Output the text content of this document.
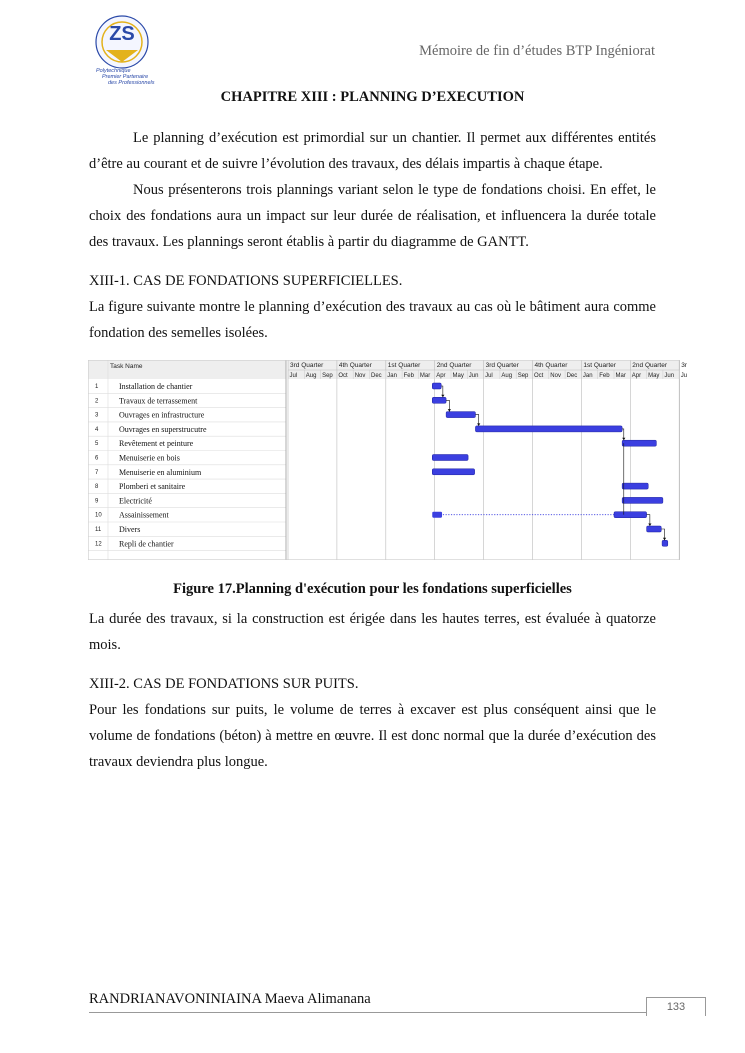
ZS
Polytechnique
Premier Partenaire
des Professionnels
Mémoire de fin d’études BTP Ingéniorat
CHAPITRE XIII : PLANNING D’EXECUTION

Le planning d’exécution est primordial sur un chantier. Il permet aux différentes entités d’être au courant et de suivre l’évolution des travaux, des délais impartis à chaque étape.

Nous présenterons trois plannings variant selon le type de fondations choisi. En effet, le choix des fondations aura un impact sur leur durée de réalisation, et influencera la durée totale des travaux. Les plannings seront établis à partir du diagramme de GANTT.

XIII-1. CAS DE FONDATIONS SUPERFICIELLES.

La figure suivante montre le planning d’exécution des travaux au cas où le bâtiment aura comme fondation des semelles isolées.

Task Name	3rd Quarter 4th Quarter 1st Quarter	2nd Quarter 3rd Quarter 4th Quarter 1st Quarter	2nd Quarter 3r
Jul Aug Sep Oct Nov Dec Jan Feb Mar Apr May Jun Jul Aug Sep Oct Nov Dec Jan Feb Mar Apr May Jun Ju
1	Installation de chantier
2	Travaux de terrassement
3	Ouvrages en infrastructure
4	Ouvrages en superstrucutre
5	Revêtement et peinture
6	Menuiserie en bois
7	Menuiserie en aluminium
8	Plomberi et sanitaire
9	Electricité
10 Assainissement
11 Divers
12 Repli de chantier
Figure 17.Planning d'exécution pour les fondations superficielles

La durée des travaux, si la construction est érigée dans les hautes terres, est évaluée à quatorze mois.

XIII-2. CAS DE FONDATIONS SUR PUITS.

Pour les fondations sur puits, le volume de terres à excaver est plus conséquent ainsi que le volume de fondations (béton) à mettre en œuvre. Il est donc normal que la durée d’exécution des travaux deviendra plus longue.

RANDRIANAVONINIAINA Maeva Alimanana	133
